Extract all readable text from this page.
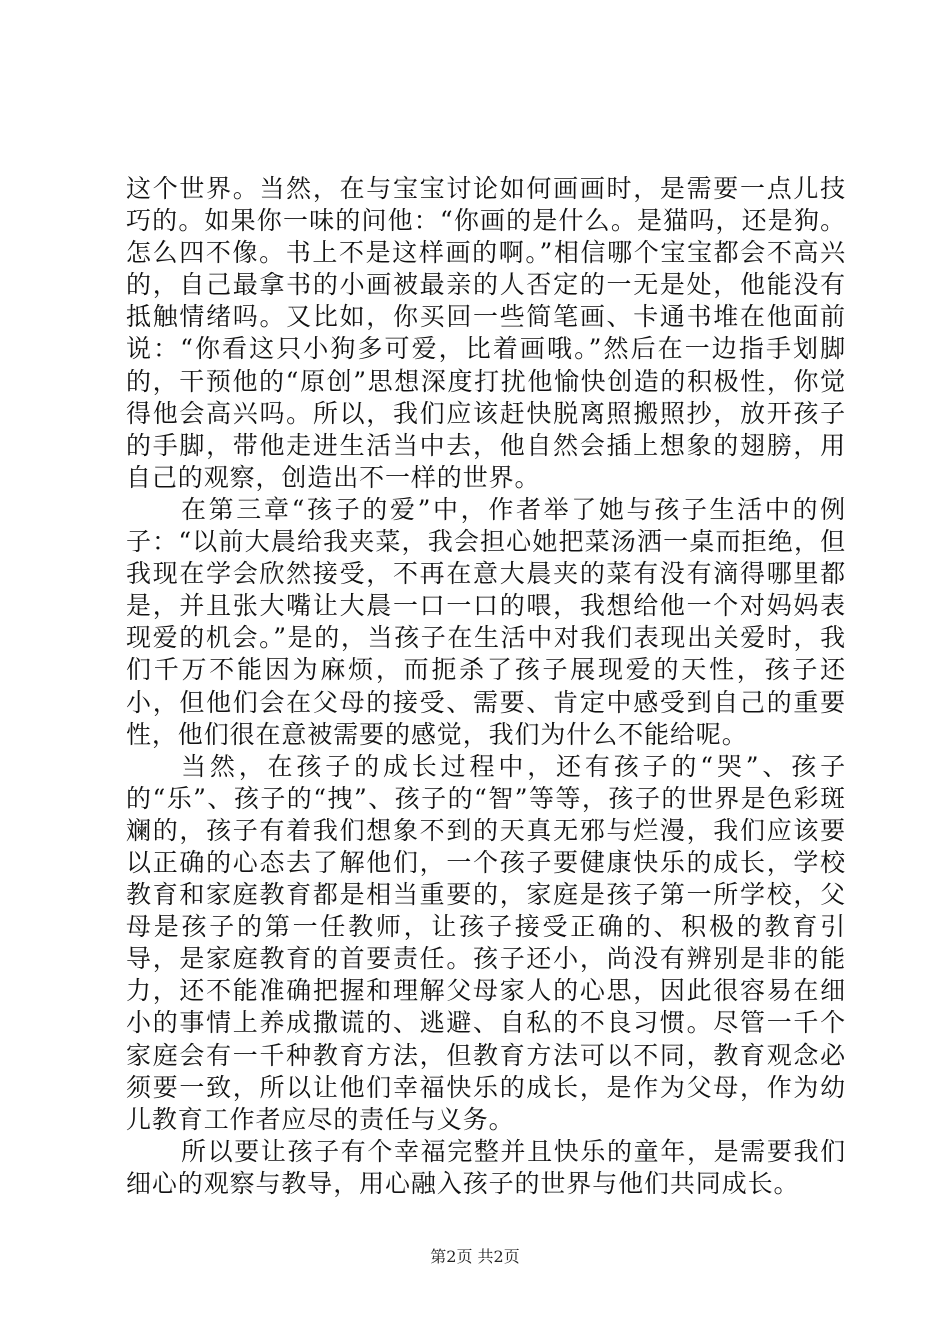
这个世界。当然，在与宝宝讨论如何画画时，是需要一点儿技巧的。如果你一味的问他：“你画的是什么。是猫吗，还是狗。怎么四不像。书上不是这样画的啊。”相信哪个宝宝都会不高兴的，自己最拿书的小画被最亲的人否定的一无是处，他能没有抵触情绪吗。又比如，你买回一些简笔画、卡通书堆在他面前说：“你看这只小狗多可爱，比着画哦。”然后在一边指手划脚的，干预他的“原创”思想深度打扰他愉快创造的积极性，你觉得他会高兴吗。所以，我们应该赶快脱离照搬照抄，放开孩子的手脚，带他走进生活当中去，他自然会插上想象的翅膀，用自己的观察，创造出不一样的世界。

在第三章“孩子的爱”中，作者举了她与孩子生活中的例子：“以前大晨给我夹菜，我会担心她把菜汤洒一桌而拒绝，但我现在学会欣然接受，不再在意大晨夹的菜有没有滴得哪里都是，并且张大嘴让大晨一口一口的喂，我想给他一个对妈妈表现爱的机会。”是的，当孩子在生活中对我们表现出关爱时，我们千万不能因为麻烦，而扼杀了孩子展现爱的天性，孩子还小，但他们会在父母的接受、需要、肯定中感受到自己的重要性，他们很在意被需要的感觉，我们为什么不能给呢。

当然，在孩子的成长过程中，还有孩子的“哭”、孩子的“乐”、孩子的“拽”、孩子的“智”等等，孩子的世界是色彩斑斓的，孩子有着我们想象不到的天真无邪与烂漫，我们应该要以正确的心态去了解他们，一个孩子要健康快乐的成长，学校教育和家庭教育都是相当重要的，家庭是孩子第一所学校，父母是孩子的第一任教师，让孩子接受正确的、积极的教育引导，是家庭教育的首要责任。孩子还小，尚没有辨别是非的能力，还不能准确把握和理解父母家人的心思，因此很容易在细小的事情上养成撒谎的、逃避、自私的不良习惯。尽管一千个家庭会有一千种教育方法，但教育方法可以不同，教育观念必须要一致，所以让他们幸福快乐的成长，是作为父母，作为幼儿教育工作者应尽的责任与义务。

所以要让孩子有个幸福完整并且快乐的童年，是需要我们细心的观察与教导，用心融入孩子的世界与他们共同成长。

第2页 共2页
